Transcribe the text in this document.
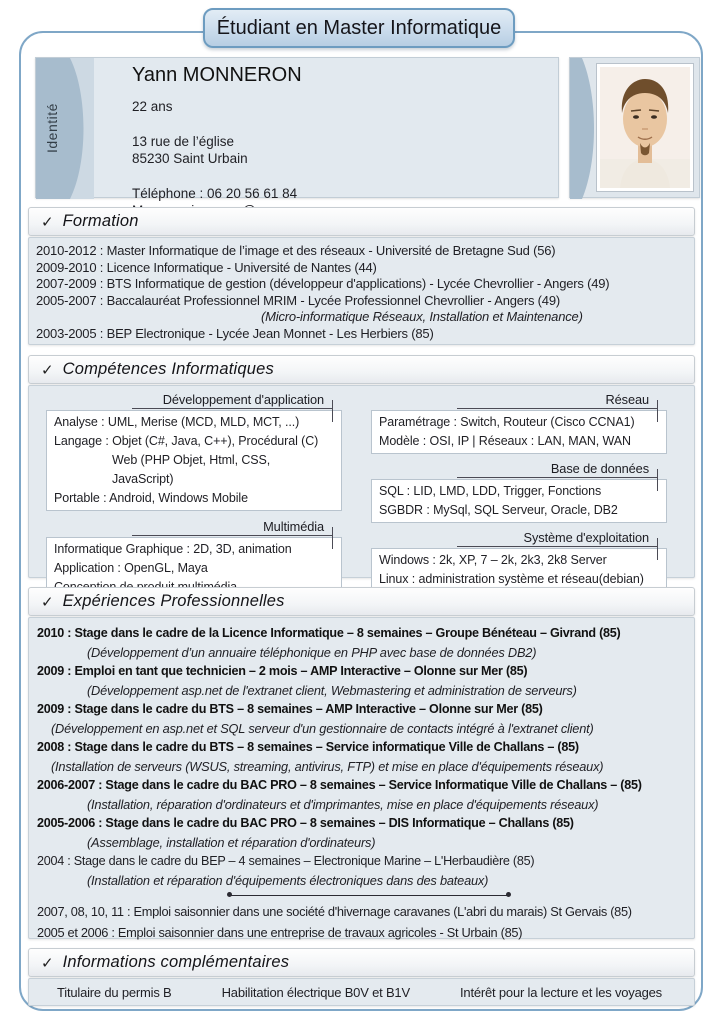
Étudiant en Master Informatique
Identité
Yann MONNERON
22 ans
13 rue de l’église
85230 Saint Urbain
Téléphone : 06 20 56 61 84
✓ Formation
2010-2012 : Master Informatique de l’image et des réseaux - Université de Bretagne Sud (56)
2009-2010 : Licence Informatique - Université de Nantes (44)
2007-2009 : BTS Informatique de gestion (développeur d'applications) - Lycée Chevrollier - Angers (49)
2005-2007 : Baccalauréat Professionnel MRIM - Lycée Professionnel Chevrollier - Angers (49)
(Micro-informatique Réseaux, Installation et Maintenance)
2003-2005 : BEP Electronique - Lycée Jean Monnet - Les Herbiers (85)
✓ Compétences Informatiques
Développement d'application
Analyse : UML, Merise (MCD, MLD, MCT, ...)
Langage : Objet (C#, Java, C++), Procédural (C)
Web (PHP Objet, Html, CSS, JavaScript)
Portable : Android, Windows Mobile
Multimédia
Informatique Graphique : 2D, 3D, animation
Application : OpenGL, Maya
Réseau
Paramétrage : Switch, Routeur (Cisco CCNA1)
Modèle : OSI, IP | Réseaux : LAN, MAN, WAN
Base de données
SQL : LID, LMD, LDD, Trigger, Fonctions
SGBDR : MySql, SQL Serveur, Oracle, DB2
Système d'exploitation
Windows : 2k, XP, 7 – 2k, 2k3, 2k8 Server
Linux : administration système et réseau(debian)
✓ Expériences Professionnelles
2010 : Stage dans le cadre de la Licence Informatique – 8 semaines – Groupe Bénéteau – Givrand (85)
(Développement d’un annuaire téléphonique en PHP avec base de données DB2)
2009 : Emploi en tant que technicien – 2 mois – AMP Interactive – Olonne sur Mer (85)
(Développement asp.net de l'extranet client, Webmastering et administration de serveurs)
2009 : Stage dans le cadre du BTS – 8 semaines – AMP Interactive – Olonne sur Mer (85)
(Développement en asp.net et SQL serveur d'un gestionnaire de contacts intégré à l'extranet client)
2008 : Stage dans le cadre du BTS – 8 semaines – Service informatique Ville de Challans – (85)
(Installation de serveurs (WSUS, streaming, antivirus, FTP) et mise en place d'équipements réseaux)
2006-2007 : Stage dans le cadre du BAC PRO – 8 semaines – Service Informatique Ville de Challans – (85)
(Installation, réparation d'ordinateurs et d'imprimantes, mise en place d'équipements réseaux)
2005-2006 : Stage dans le cadre du BAC PRO – 8 semaines – DIS Informatique – Challans (85)
(Assemblage, installation et réparation d'ordinateurs)
2004 : Stage dans le cadre du BEP – 4 semaines – Electronique Marine – L'Herbaudière (85)
(Installation et réparation d'équipements électroniques dans des bateaux)
2007, 08, 10, 11 : Emploi saisonnier dans une société d'hivernage caravanes (L'abri du marais) St Gervais (85)
2005 et 2006 : Emploi saisonnier dans une entreprise de travaux agricoles - St Urbain (85)
✓ Informations complémentaires
Titulaire du permis B	Habilitation électrique B0V et B1V	Intérêt pour la lecture et les voyages
